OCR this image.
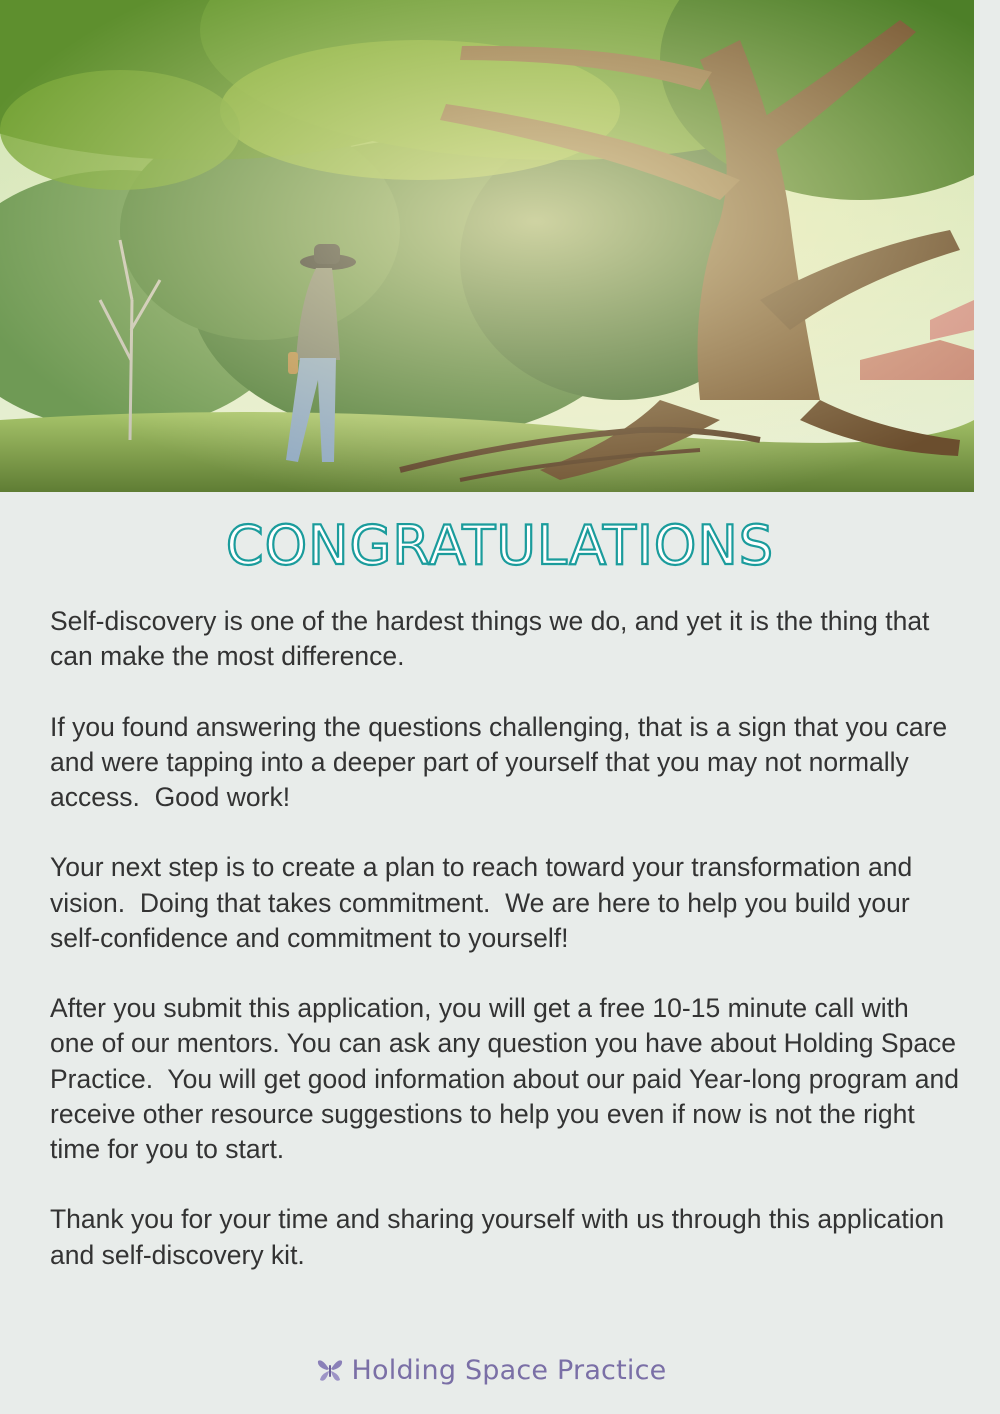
CONGRATULATIONS

Self-discovery is one of the hardest things we do, and yet it is the thing that can make the most difference.

If you found answering the questions challenging, that is a sign that you care and were tapping into a deeper part of yourself that you may not normally access.  Good work!

Your next step is to create a plan to reach toward your transformation and vision.  Doing that takes commitment.  We are here to help you build your self-confidence and commitment to yourself!

After you submit this application, you will get a free 10-15 minute call with one of our mentors. You can ask any question you have about Holding Space Practice.  You will get good information about our paid Year-long program and receive other resource suggestions to help you even if now is not the right time for you to start.

Thank you for your time and sharing yourself with us through this application and self-discovery kit.

Holding Space Practice
